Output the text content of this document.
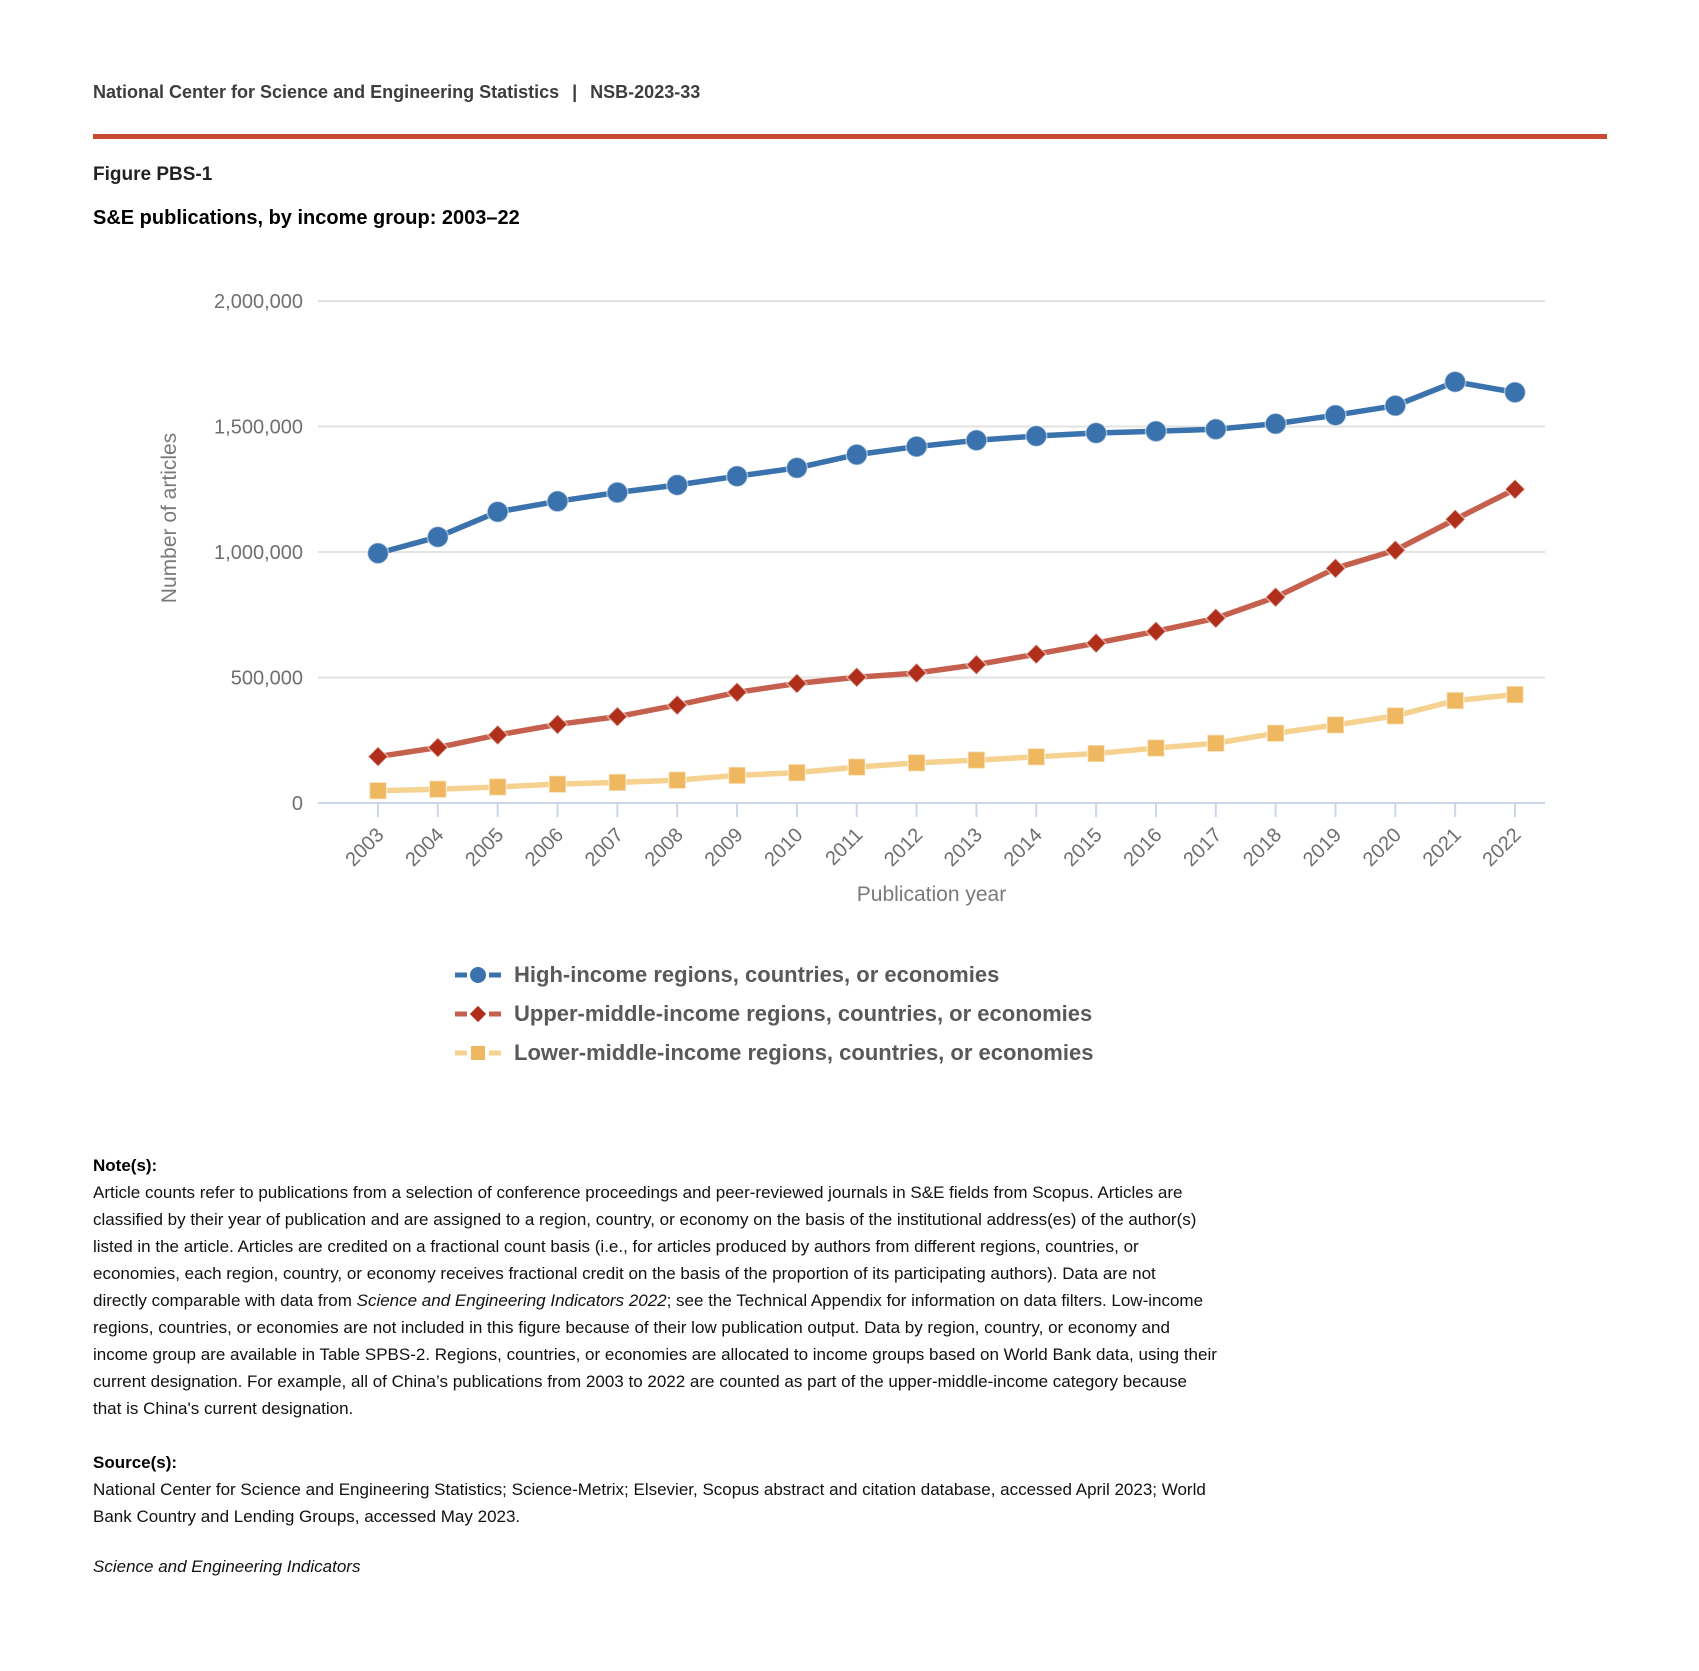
National Center for Science and Engineering Statistics | NSB-2023-33
Figure PBS-1
S&E publications, by income group: 2003–22
0
500,000
1,000,000
1,500,000
2,000,000
2003 2004 2005 2006 2007 2008 2009 2010 2011 2012 2013 2014 2015 2016 2017 2018 2019 2020 2021 2022
Number of articles
Publication year
High-income regions, countries, or economies
Upper-middle-income regions, countries, or economies
Lower-middle-income regions, countries, or economies
Note(s):
Article counts refer to publications from a selection of conference proceedings and peer-reviewed journals in S&E fields from Scopus. Articles are
classified by their year of publication and are assigned to a region, country, or economy on the basis of the institutional address(es) of the author(s)
listed in the article. Articles are credited on a fractional count basis (i.e., for articles produced by authors from different regions, countries, or
economies, each region, country, or economy receives fractional credit on the basis of the proportion of its participating authors). Data are not
directly comparable with data from Science and Engineering Indicators 2022; see the Technical Appendix for information on data filters. Low-income
regions, countries, or economies are not included in this figure because of their low publication output. Data by region, country, or economy and
income group are available in Table SPBS-2. Regions, countries, or economies are allocated to income groups based on World Bank data, using their
current designation. For example, all of China’s publications from 2003 to 2022 are counted as part of the upper-middle-income category because
that is China's current designation.
Source(s):
National Center for Science and Engineering Statistics; Science-Metrix; Elsevier, Scopus abstract and citation database, accessed April 2023; World
Bank Country and Lending Groups, accessed May 2023.
Science and Engineering Indicators
